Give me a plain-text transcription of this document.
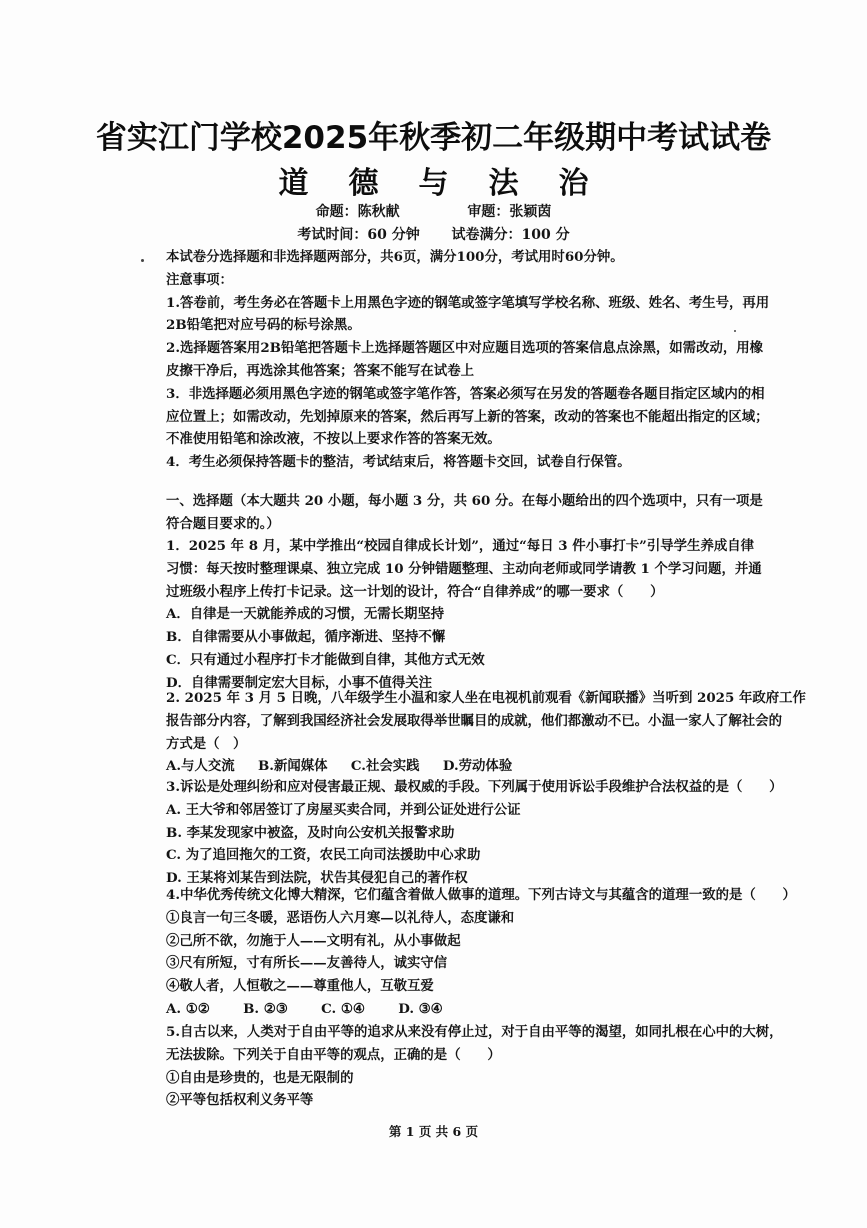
省实江门学校2025年秋季初二年级期中考试试卷
道德与法治
命题：陈秋献	审题：张颖茵
考试时间：60 分钟 试卷满分：100 分
本试卷分选择题和非选择题两部分，共6页，满分100分，考试用时60分钟。
注意事项：
1.答卷前，考生务必在答题卡上用黑色字迹的钢笔或签字笔填写学校名称、班级、姓名、考生号，再用
2B铅笔把对应号码的标号涂黑。
2.选择题答案用2B铅笔把答题卡上选择题答题区中对应题目选项的答案信息点涂黑，如需改动，用橡
皮擦干净后，再选涂其他答案；答案不能写在试卷上
3．非选择题必须用黑色字迹的钢笔或签字笔作答，答案必须写在另发的答题卷各题目指定区域内的相
应位置上；如需改动，先划掉原来的答案，然后再写上新的答案，改动的答案也不能超出指定的区域；
不准使用铅笔和涂改液，不按以上要求作答的答案无效。
4．考生必须保持答题卡的整洁，考试结束后，将答题卡交回，试卷自行保管。
一、选择题（本大题共 20 小题，每小题 3 分，共 60 分。在每小题给出的四个选项中，只有一项是
符合题目要求的。）
1．2025 年 8 月，某中学推出“校园自律成长计划”，通过“每日 3 件小事打卡”引导学生养成自律
习惯：每天按时整理课桌、独立完成 10 分钟错题整理、主动向老师或同学请教 1 个学习问题，并通
过班级小程序上传打卡记录。这一计划的设计，符合“自律养成”的哪一要求（　　）
A．自律是一天就能养成的习惯，无需长期坚持
B．自律需要从小事做起，循序渐进、坚持不懈
C．只有通过小程序打卡才能做到自律，其他方式无效
D．自律需要制定宏大目标，小事不值得关注
2. 2025 年 3 月 5 日晚，八年级学生小温和家人坐在电视机前观看《新闻联播》当听到 2025 年政府工作
报告部分内容，了解到我国经济社会发展取得举世瞩目的成就，他们都激动不已。小温一家人了解社会的
方式是（　）
A.与人交流 B.新闻媒体 C.社会实践 D.劳动体验
3.诉讼是处理纠纷和应对侵害最正规、最权威的手段。下列属于使用诉讼手段维护合法权益的是（　　）
A. 王大爷和邻居签订了房屋买卖合同，并到公证处进行公证
B. 李某发现家中被盗，及时向公安机关报警求助
C. 为了追回拖欠的工资，农民工向司法援助中心求助
D. 王某将刘某告到法院，状告其侵犯自己的著作权
4.中华优秀传统文化博大精深，它们蕴含着做人做事的道理。下列古诗文与其蕴含的道理一致的是（　　）
①良言一句三冬暖，恶语伤人六月寒—以礼待人，态度谦和
②己所不欲，勿施于人——文明有礼，从小事做起
③尺有所短，寸有所长——友善待人，诚实守信
④敬人者，人恒敬之——尊重他人，互敬互爱
A. ①② B. ②③ C. ①④ D. ③④
5.自古以来，人类对于自由平等的追求从来没有停止过，对于自由平等的渴望，如同扎根在心中的大树，
无法拔除。下列关于自由平等的观点，正确的是（　　）
①自由是珍贵的，也是无限制的
②平等包括权利义务平等
第 1 页 共 6 页
